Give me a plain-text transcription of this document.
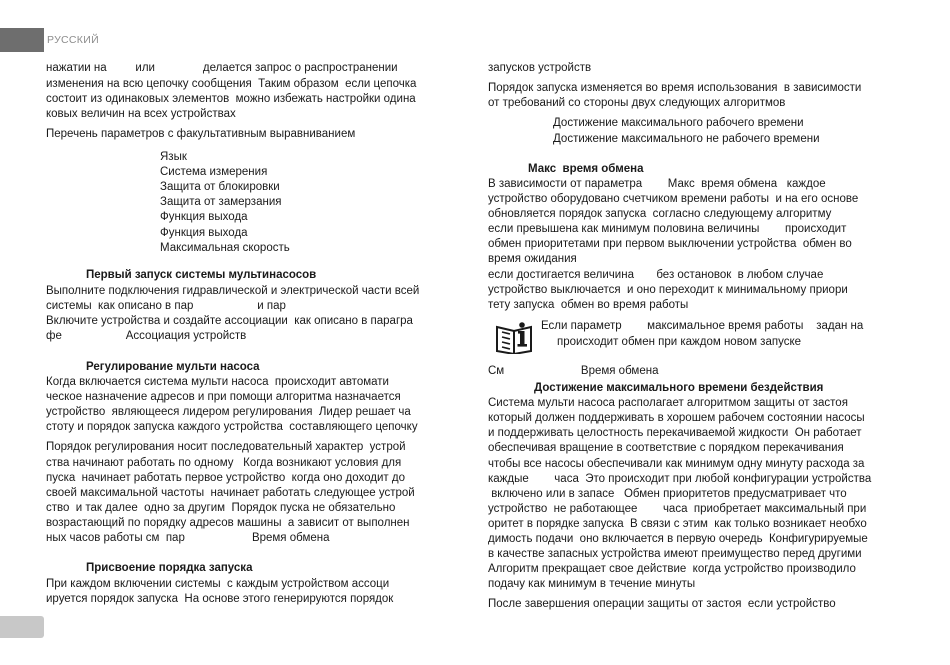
РУССКИЙ
нажатии на         или               делается запрос о распространении
изменения на всю цепочку сообщения  Таким образом  если цепочка
состоит из одинаковых элементов  можно избежать настройки одина
ковых величин на всех устройствах
Перечень параметров с факультативным выравниванием
Язык
Система измерения
Защита от блокировки
Защита от замерзания
Функция выхода
Функция выхода
Максимальная скорость
Первый запуск системы мультинасосов
Выполните подключения гидравлической и электрической части всей
системы  как описано в пар                    и пар
Включите устройства и создайте ассоциации  как описано в парагра
фе                    Ассоциация устройств
Регулирование мульти насоса
Когда включается система мульти насоса  происходит автомати
ческое назначение адресов и при помощи алгоритма назначается
устройство  являющееся лидером регулирования  Лидер решает ча
стоту и порядок запуска каждого устройства  составляющего цепочку
Порядок регулирования носит последовательный характер  устрой
ства начинают работать по одному   Когда возникают условия для
пуска  начинает работать первое устройство  когда оно доходит до
своей максимальной частоты  начинает работать следующее устрой
ство  и так далее  одно за другим  Порядок пуска не обязательно
возрастающий по порядку адресов машины  а зависит от выполнен
ных часов работы см  пар                     Время обмена
Присвоение порядка запуска
При каждом включении системы  с каждым устройством ассоци
ируется порядок запуска  На основе этого генерируются порядок
запусков устройств
Порядок запуска изменяется во время использования  в зависимости
от требований со стороны двух следующих алгоритмов
Достижение максимального рабочего времени
Достижение максимального не рабочего времени
Макс  время обмена
В зависимости от параметра        Макс  время обмена   каждое
устройство оборудовано счетчиком времени работы  и на его основе
обновляется порядок запуска  согласно следующему алгоритму
если превышена как минимум половина величины        происходит
обмен приоритетами при первом выключении устройства  обмен во
время ожидания
если достигается величина       без остановок  в любом случае
устройство выключается  и оно переходит к минимальному приори
тету запуска  обмен во время работы
Если параметр        максимальное время работы    задан на
происходит обмен при каждом новом запуске
См                        Время обмена
Достижение максимального времени бездействия
Система мульти насоса располагает алгоритмом защиты от застоя
который должен поддерживать в хорошем рабочем состоянии насосы
и поддерживать целостность перекачиваемой жидкости  Он работает
обеспечивая вращение в соответствие с порядком перекачивания
чтобы все насосы обеспечивали как минимум одну минуту расхода за
каждые        часа  Это происходит при любой конфигурации устройства
включено или в запасе   Обмен приоритетов предусматривает что
устройство  не работающее        часа  приобретает максимальный при
оритет в порядке запуска  В связи с этим  как только возникает необхо
димость подачи  оно включается в первую очередь  Конфигурируемые
в качестве запасных устройства имеют преимущество перед другими
Алгоритм прекращает свое действие  когда устройство производило
подачу как минимум в течение минуты
После завершения операции защиты от застоя  если устройство
